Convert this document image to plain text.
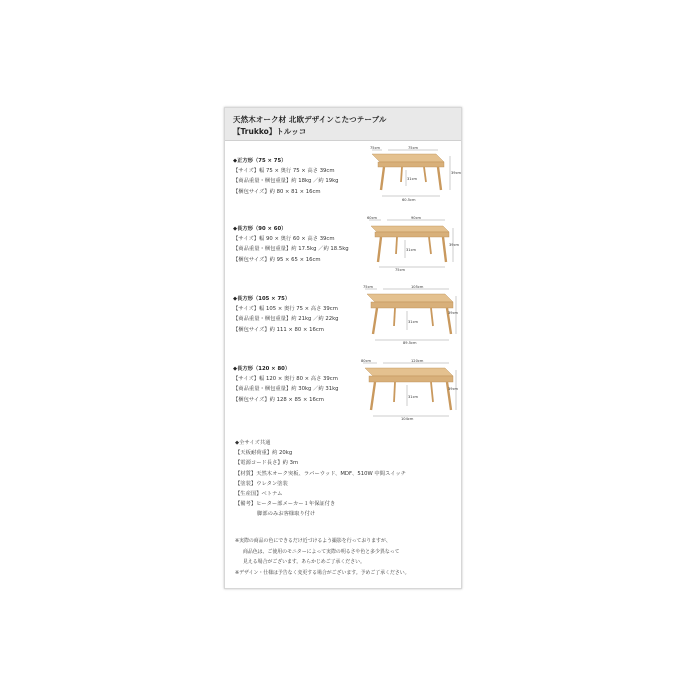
天然木オーク材 北欧デザインこたつテーブル
【Trukko】トルッコ
◆正方形（75 × 75）
【サイズ】幅 75 × 奥行 75 × 高さ 39cm
【商品重量・梱包重量】約 18kg ／約 19kg
【梱包サイズ】約 80 × 81 × 16cm
75cm	75cm
39cm
31cm
60.5cm
◆長方形（90 × 60）
【サイズ】幅 90 × 奥行 60 × 高さ 39cm
【商品重量・梱包重量】約 17.5kg ／約 18.5kg
【梱包サイズ】約 95 × 65 × 16cm
60cm	90cm
39cm
31cm
75cm
◆長方形（105 × 75）
【サイズ】幅 105 × 奥行 75 × 高さ 39cm
【商品重量・梱包重量】約 21kg ／約 22kg
【梱包サイズ】約 111 × 80 × 16cm
75cm	105cm
39cm
31cm
89.5cm
◆長方形（120 × 80）
【サイズ】幅 120 × 奥行 80 × 高さ 39cm
【商品重量・梱包重量】約 30kg ／約 31kg
【梱包サイズ】約 128 × 85 × 16cm
80cm	120cm
39cm
31cm
104cm
◆全サイズ共通
【天板耐荷重】約 20kg
【電源コード長さ】約 3m
【材質】天然木オーク突板、ラバーウッド、MDF、510W 中間スイッチ
【塗装】ウレタン塗装
【生産国】ベトナム
【備考】ヒーター部メーカー１年保証付き
脚部のみお客様取り付け
※実際の商品の色にできるだけ近づけるよう撮影を行っておりますが、
商品色は、ご使用のモニターによって実際の明るさや色と多少異なって
見える場合がございます。あらかじめご了承ください。
※デザイン・仕様は予告なく変更する場合がございます。予めご了承ください。
